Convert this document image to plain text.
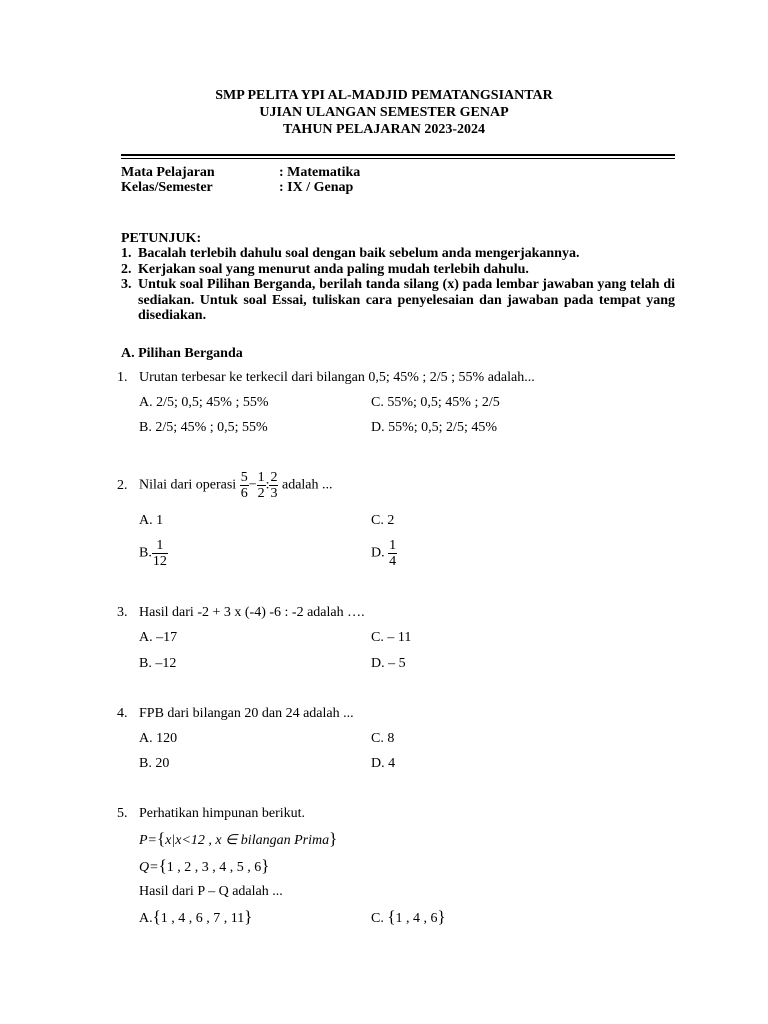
SMP PELITA YPI AL-MADJID PEMATANGSIANTAR
UJIAN ULANGAN SEMESTER GENAP
TAHUN PELAJARAN 2023-2024
Mata Pelajaran	: Matematika
Kelas/Semester	: IX / Genap
PETUNJUK:
1. Bacalah terlebih dahulu soal dengan baik sebelum anda mengerjakannya.
2. Kerjakan soal yang menurut anda paling mudah terlebih dahulu.
3. Untuk soal Pilihan Berganda, berilah tanda silang (x) pada lembar jawaban yang telah di sediakan. Untuk soal Essai, tuliskan cara penyelesaian dan jawaban pada tempat yang disediakan.
A. Pilihan Berganda
1. Urutan terbesar ke terkecil dari bilangan 0,5; 45% ; 2/5 ; 55% adalah...
A. 2/5; 0,5; 45% ; 55%	C. 55%; 0,5; 45% ; 2/5
B. 2/5; 45% ; 0,5; 55%	D. 55%; 0,5; 2/5; 45%
2. Nilai dari operasi $\frac{5}{6} - \frac{1}{2}$ : $\frac{2}{3}$ adalah ...
A. 1	C. 2
B. $\frac{1}{12}$	D. $\frac{1}{4}$
3. Hasil dari -2 + 3 x (-4) -6 : -2 adalah ….
A. –17	C. – 11
B. –12	D. – 5
4. FPB dari bilangan 20 dan 24 adalah ...
A. 120	C. 8
B. 20	D. 4
5. Perhatikan himpunan berikut.
P={x|x<12 , x ∈ bilangan Prima}
Q={1 , 2 , 3 , 4 , 5 , 6}
Hasil dari P – Q adalah ...
A.{1 , 4 , 6 , 7 , 11}	C. {1 , 4 , 6}
